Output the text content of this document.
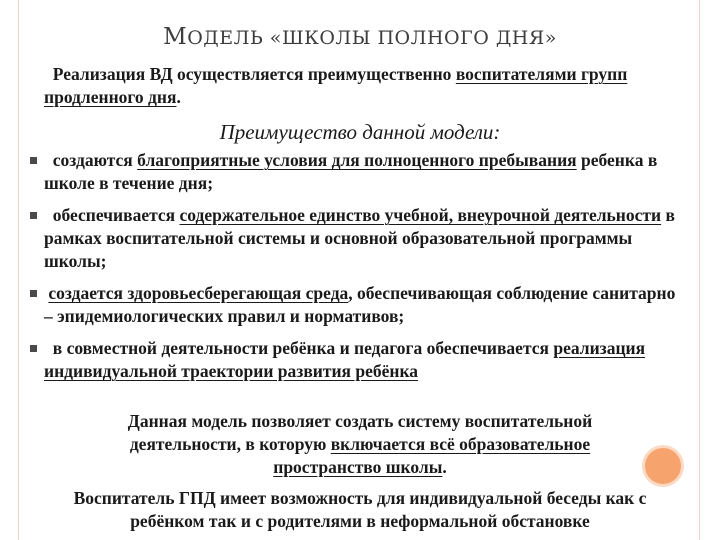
МОДЕЛЬ «ШКОЛЫ ПОЛНОГО ДНЯ»
Реализация ВД осуществляется преимущественно воспитателями групп продленного дня.
Преимущество данной модели:
создаются благоприятные условия для полноценного пребывания ребенка в школе в течение дня;
обеспечивается содержательное единство учебной, внеурочной деятельности в рамках воспитательной системы и основной образовательной программы школы;
создается здоровьесберегающая среда, обеспечивающая соблюдение санитарно – эпидемиологических правил и нормативов;
в совместной деятельности ребёнка и педагога обеспечивается реализация индивидуальной траектории развития ребёнка
Данная модель позволяет создать систему воспитательной деятельности, в которую включается всё образовательное пространство школы.
Воспитатель ГПД имеет возможность для индивидуальной беседы как с ребёнком так и с родителями в неформальной обстановке
